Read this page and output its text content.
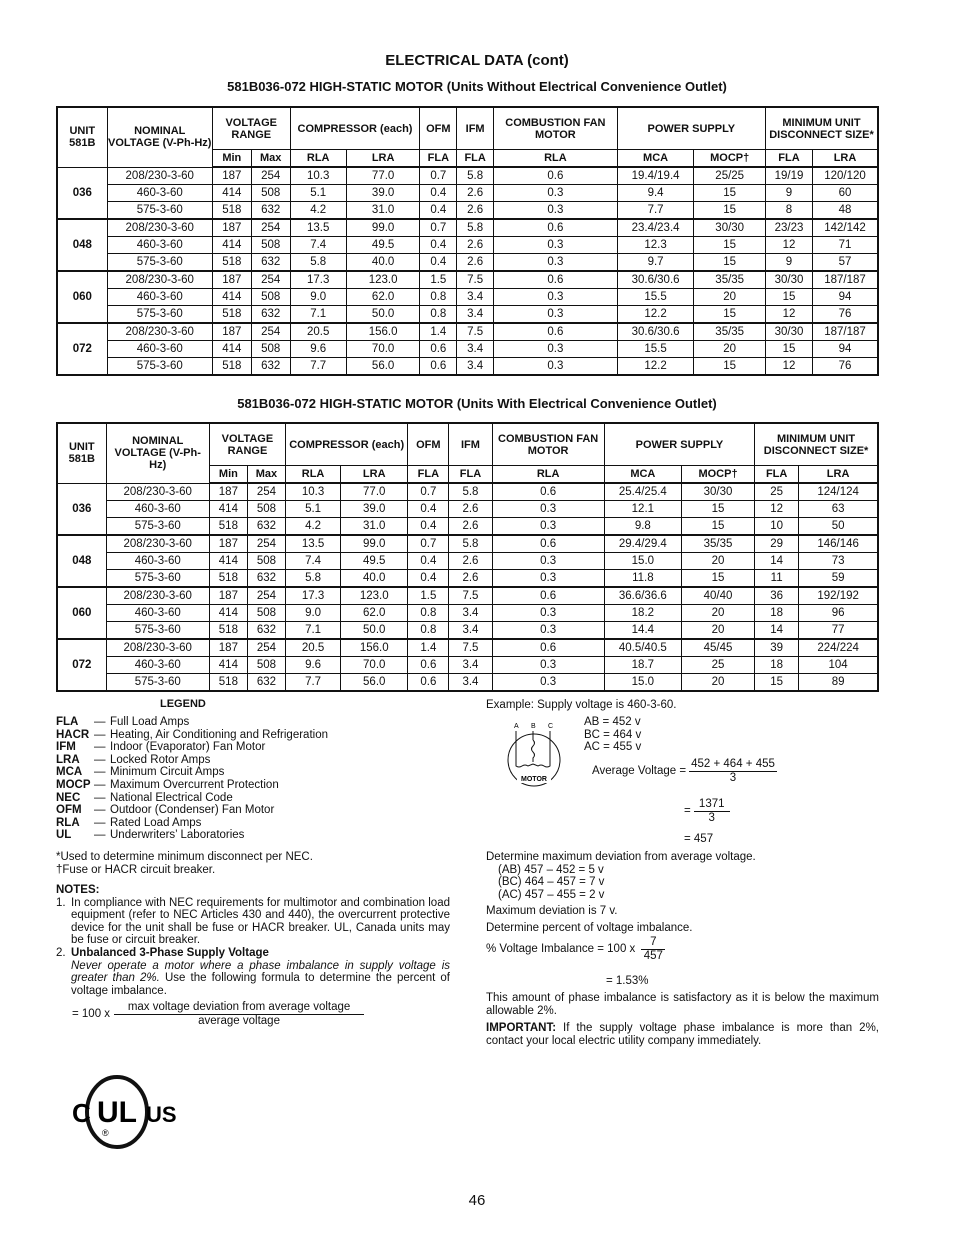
ELECTRICAL DATA (cont)
581B036-072 HIGH-STATIC MOTOR (Units Without Electrical Convenience Outlet)
UNIT 581B	NOMINAL VOLTAGE (V-Ph-Hz)	VOLTAGE RANGE		COMPRESSOR (each)		OFM	IFM	COMBUSTION FAN MOTOR	POWER SUPPLY		MINIMUM UNIT DISCONNECT SIZE*	
		Min	Max	RLA	LRA	FLA	FLA	RLA	MCA	MOCP†	FLA	LRA
036	208/230-3-60	187	254	10.3	77.0	0.7	5.8	0.6	19.4/19.4	25/25	19/19	120/120
	460-3-60	414	508	5.1	39.0	0.4	2.6	0.3	9.4	15	9	60
	575-3-60	518	632	4.2	31.0	0.4	2.6	0.3	7.7	15	8	48
048	208/230-3-60	187	254	13.5	99.0	0.7	5.8	0.6	23.4/23.4	30/30	23/23	142/142
	460-3-60	414	508	7.4	49.5	0.4	2.6	0.3	12.3	15	12	71
	575-3-60	518	632	5.8	40.0	0.4	2.6	0.3	9.7	15	9	57
060	208/230-3-60	187	254	17.3	123.0	1.5	7.5	0.6	30.6/30.6	35/35	30/30	187/187
	460-3-60	414	508	9.0	62.0	0.8	3.4	0.3	15.5	20	15	94
	575-3-60	518	632	7.1	50.0	0.8	3.4	0.3	12.2	15	12	76
072	208/230-3-60	187	254	20.5	156.0	1.4	7.5	0.6	30.6/30.6	35/35	30/30	187/187
	460-3-60	414	508	9.6	70.0	0.6	3.4	0.3	15.5	20	15	94
	575-3-60	518	632	7.7	56.0	0.6	3.4	0.3	12.2	15	12	76
581B036-072 HIGH-STATIC MOTOR (Units With Electrical Convenience Outlet)
UNIT 581B	NOMINAL VOLTAGE (V-Ph-Hz)	VOLTAGE RANGE		COMPRESSOR (each)		OFM	IFM	COMBUSTION FAN MOTOR	POWER SUPPLY		MINIMUM UNIT DISCONNECT SIZE*	
		Min	Max	RLA	LRA	FLA	FLA	RLA	MCA	MOCP†	FLA	LRA
036	208/230-3-60	187	254	10.3	77.0	0.7	5.8	0.6	25.4/25.4	30/30	25	124/124
	460-3-60	414	508	5.1	39.0	0.4	2.6	0.3	12.1	15	12	63
	575-3-60	518	632	4.2	31.0	0.4	2.6	0.3	9.8	15	10	50
048	208/230-3-60	187	254	13.5	99.0	0.7	5.8	0.6	29.4/29.4	35/35	29	146/146
	460-3-60	414	508	7.4	49.5	0.4	2.6	0.3	15.0	20	14	73
	575-3-60	518	632	5.8	40.0	0.4	2.6	0.3	11.8	15	11	59
060	208/230-3-60	187	254	17.3	123.0	1.5	7.5	0.6	36.6/36.6	40/40	36	192/192
	460-3-60	414	508	9.0	62.0	0.8	3.4	0.3	18.2	20	18	96
	575-3-60	518	632	7.1	50.0	0.8	3.4	0.3	14.4	20	14	77
072	208/230-3-60	187	254	20.5	156.0	1.4	7.5	0.6	40.5/40.5	45/45	39	224/224
	460-3-60	414	508	9.6	70.0	0.6	3.4	0.3	18.7	25	18	104
	575-3-60	518	632	7.7	56.0	0.6	3.4	0.3	15.0	20	15	89
LEGEND
FLA	— Full Load Amps
HACR — Heating, Air Conditioning and Refrigeration
IFM	— Indoor (Evaporator) Fan Motor
LRA	— Locked Rotor Amps
MCA	— Minimum Circuit Amps
MOCP — Maximum Overcurrent Protection
NEC	— National Electrical Code
OFM	— Outdoor (Condenser) Fan Motor
RLA	— Rated Load Amps
UL	— Underwriters’ Laboratories
*Used to determine minimum disconnect per NEC.
†Fuse or HACR circuit breaker.
NOTES:
1. In compliance with NEC requirements for multimotor and combination load equipment (refer to NEC Articles 430 and 440), the overcurrent protective device for the unit shall be fuse or HACR breaker. UL, Canada units may be fuse or circuit breaker.
2. Unbalanced 3-Phase Supply Voltage
Never operate a motor where a phase imbalance in supply voltage is greater than 2%. Use the following formula to determine the percent of voltage imbalance.
= 100 x $\frac{\text{max voltage deviation from average voltage}}{\text{average voltage}}$
Example: Supply voltage is 460-3-60.
A B C
MOTOR
AB = 452 v
BC = 464 v
AC = 455 v
Average Voltage = $\frac{452 + 464 + 455}{3}$
= $\frac{1371}{3}$
= 457
Determine maximum deviation from average voltage.
(AB) 457 – 452 = 5 v
(BC) 464 – 457 = 7 v
(AC) 457 – 455 = 2 v
Maximum deviation is 7 v.
Determine percent of voltage imbalance.
% Voltage Imbalance = 100 x $\frac{7}{457}$
= 1.53%
This amount of phase imbalance is satisfactory as it is below the maximum allowable 2%.
IMPORTANT: If the supply voltage phase imbalance is more than 2%, contact your local electric utility company immediately.
C UL US
®
46
